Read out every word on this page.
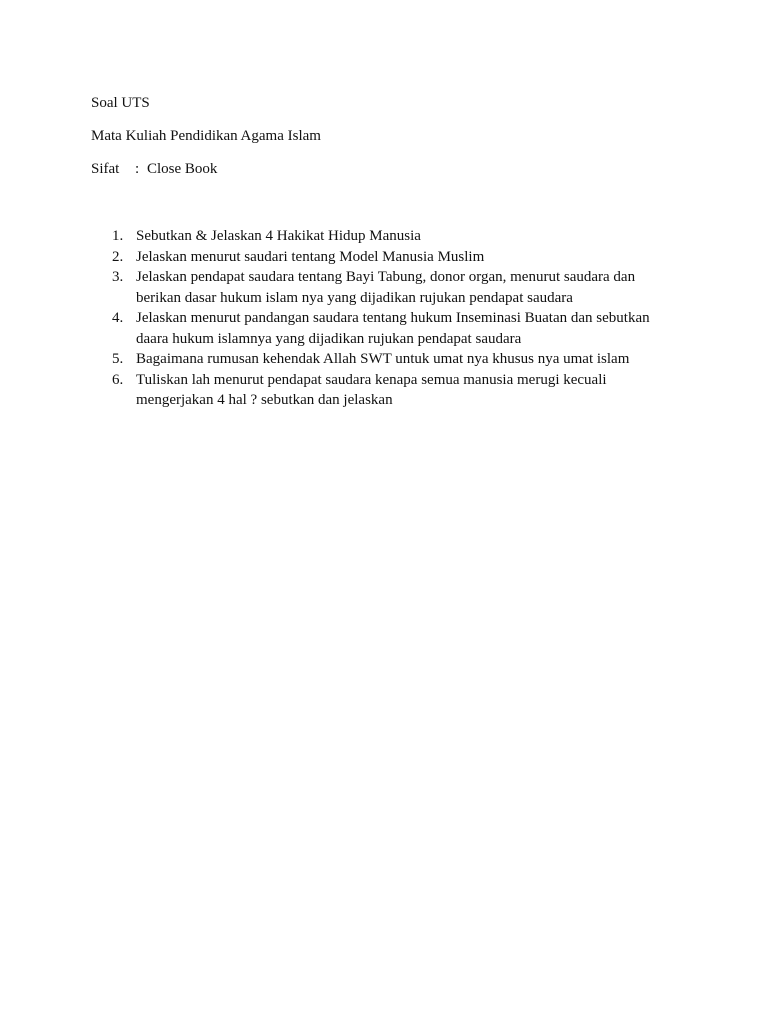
Soal UTS
Mata Kuliah Pendidikan Agama Islam
Sifat : Close Book
1. Sebutkan & Jelaskan 4 Hakikat Hidup Manusia
2. Jelaskan menurut saudari tentang Model Manusia Muslim
3. Jelaskan pendapat saudara tentang Bayi Tabung, donor organ, menurut saudara dan berikan dasar hukum islam nya yang dijadikan rujukan pendapat saudara
4. Jelaskan menurut pandangan saudara tentang hukum Inseminasi Buatan dan sebutkan daara hukum islamnya yang dijadikan rujukan pendapat saudara
5. Bagaimana rumusan kehendak Allah SWT untuk umat nya khusus nya umat islam
6. Tuliskan lah menurut pendapat saudara kenapa semua manusia merugi kecuali mengerjakan 4 hal ? sebutkan dan jelaskan
